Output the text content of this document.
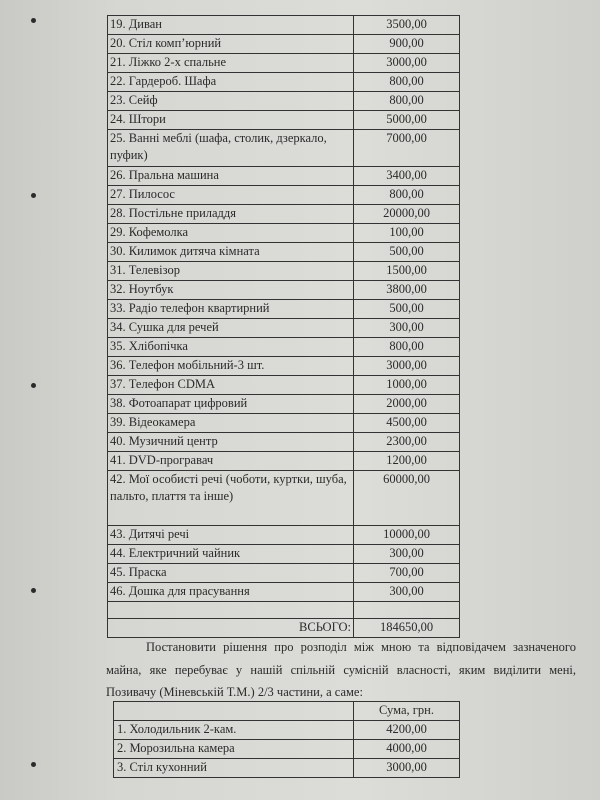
19. Диван	3500,00
20. Стіл комп’юрний	900,00
21. Ліжко 2-х спальне	3000,00
22. Гардероб. Шафа	800,00
23. Сейф	800,00
24. Штори	5000,00
25. Ванні меблі (шафа, столик, дзеркало, пуфик)	7000,00
26. Пральна машина	3400,00
27. Пилосос	800,00
28. Постільне приладдя	20000,00
29. Кофемолка	100,00
30. Килимок дитяча кімната	500,00
31. Телевізор	1500,00
32. Ноутбук	3800,00
33. Радіо телефон квартирний	500,00
34. Сушка для речей	300,00
35. Хлібопічка	800,00
36. Телефон мобільний-3 шт.	3000,00
37. Телефон CDMA	1000,00
38. Фотоапарат цифровий	2000,00
39. Відеокамера	4500,00
40. Музичний центр	2300,00
41. DVD-програвач	1200,00
42. Мої особисті речі (чоботи, куртки, шуба, пальто, плаття та інше)	60000,00
43. Дитячі речі	10000,00
44. Електричний чайник	300,00
45. Праска	700,00
46. Дошка для прасування	300,00

ВСЬОГО:	184650,00
Постановити рішення про розподіл між мною та відповідачем зазначеного майна, яке перебуває у нашій спільній сумісній власності, яким виділити мені, Позивачу (Міневській Т.М.) 2/3 частини, а саме:
	Сума, грн.
1. Холодильник 2-кам.	4200,00
2. Морозильна камера	4000,00
3. Стіл кухонний	3000,00
